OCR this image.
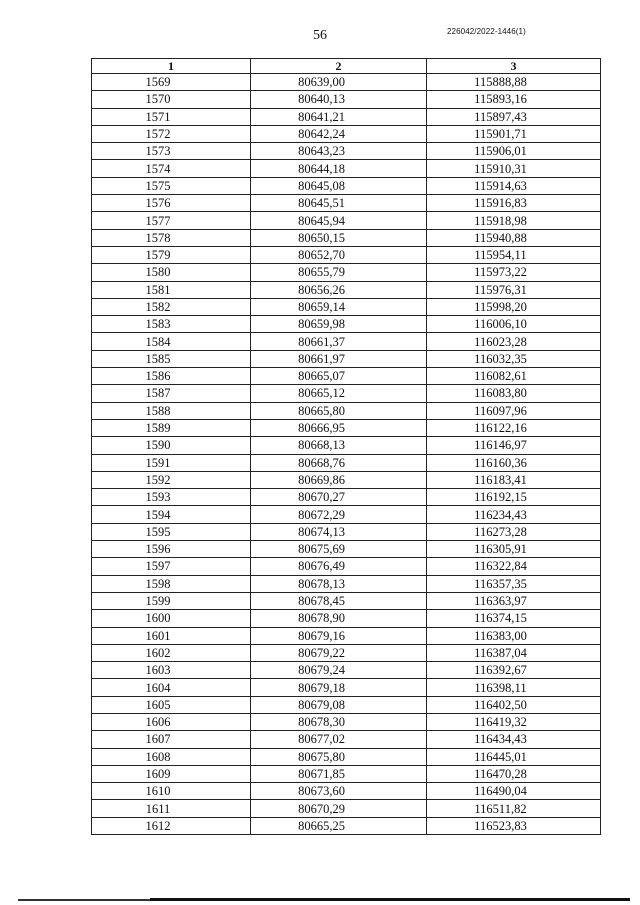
56	226042/2022-1446(1)
1	2	3
1569	80639,00	115888,88
1570	80640,13	115893,16
1571	80641,21	115897,43
1572	80642,24	115901,71
1573	80643,23	115906,01
1574	80644,18	115910,31
1575	80645,08	115914,63
1576	80645,51	115916,83
1577	80645,94	115918,98
1578	80650,15	115940,88
1579	80652,70	115954,11
1580	80655,79	115973,22
1581	80656,26	115976,31
1582	80659,14	115998,20
1583	80659,98	116006,10
1584	80661,37	116023,28
1585	80661,97	116032,35
1586	80665,07	116082,61
1587	80665,12	116083,80
1588	80665,80	116097,96
1589	80666,95	116122,16
1590	80668,13	116146,97
1591	80668,76	116160,36
1592	80669,86	116183,41
1593	80670,27	116192,15
1594	80672,29	116234,43
1595	80674,13	116273,28
1596	80675,69	116305,91
1597	80676,49	116322,84
1598	80678,13	116357,35
1599	80678,45	116363,97
1600	80678,90	116374,15
1601	80679,16	116383,00
1602	80679,22	116387,04
1603	80679,24	116392,67
1604	80679,18	116398,11
1605	80679,08	116402,50
1606	80678,30	116419,32
1607	80677,02	116434,43
1608	80675,80	116445,01
1609	80671,85	116470,28
1610	80673,60	116490,04
1611	80670,29	116511,82
1612	80665,25	116523,83
